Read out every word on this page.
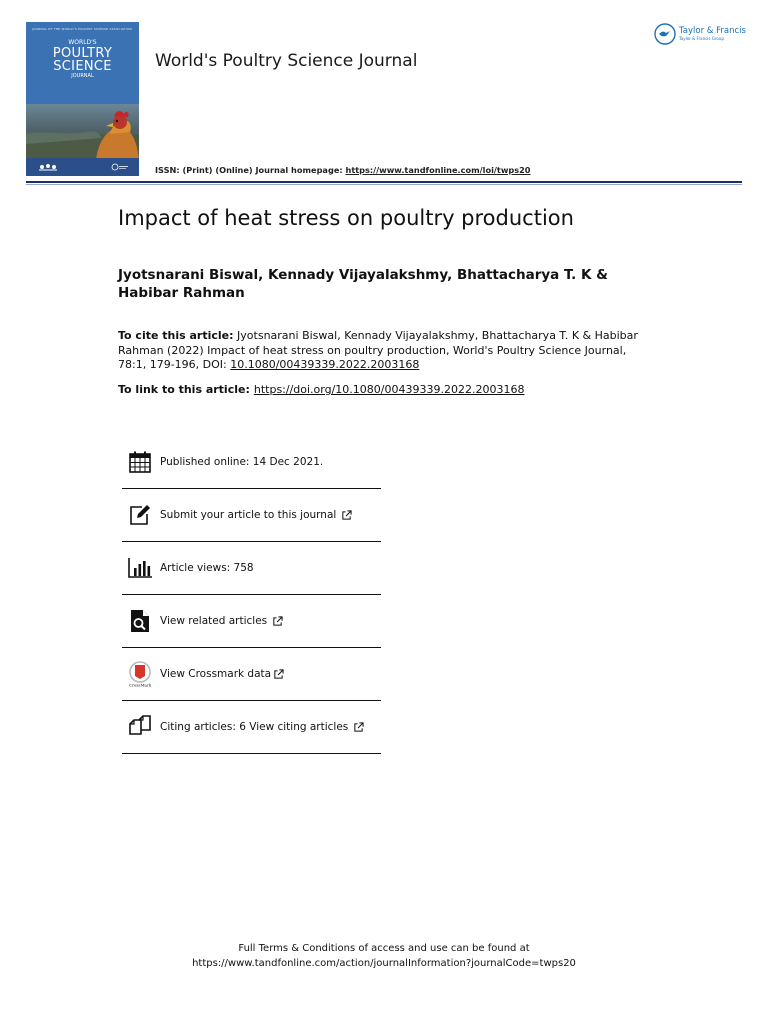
JOURNAL OF THE WORLD'S POULTRY SCIENCE ASSOCIATION
WORLD'S
POULTRY
SCIENCE
JOURNAL
World's Poultry Science Journal
ISSN: (Print) (Online) Journal homepage: https://www.tandfonline.com/loi/twps20
Taylor & Francis
Taylor & Francis Group
Impact of heat stress on poultry production
Jyotsnarani Biswal, Kennady Vijayalakshmy, Bhattacharya T. K & Habibar Rahman
To cite this article: Jyotsnarani Biswal, Kennady Vijayalakshmy, Bhattacharya T. K & Habibar Rahman (2022) Impact of heat stress on poultry production, World's Poultry Science Journal, 78:1, 179-196, DOI: 10.1080/00439339.2022.2003168
To link to this article: https://doi.org/10.1080/00439339.2022.2003168
Published online: 14 Dec 2021.
Submit your article to this journal
Article views: 758
View related articles
CrossMark
View Crossmark data
Citing articles: 6 View citing articles
Full Terms & Conditions of access and use can be found at
https://www.tandfonline.com/action/journalInformation?journalCode=twps20
